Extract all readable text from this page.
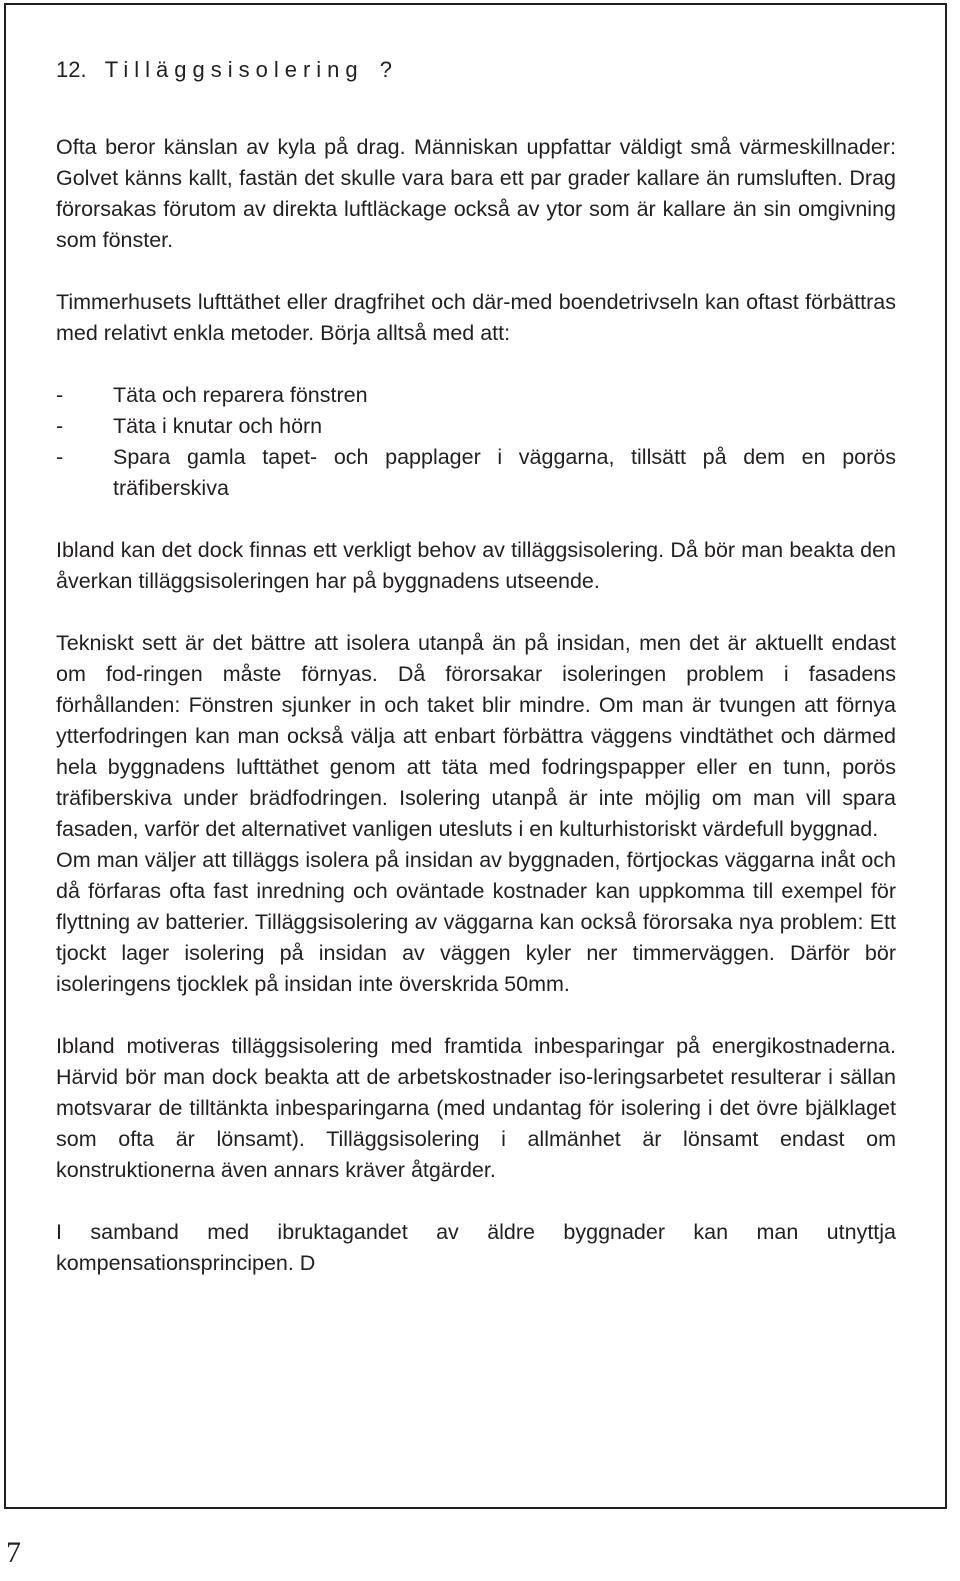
12. Tilläggsisolering ?

Ofta beror känslan av kyla på drag. Människan uppfattar väldigt små värmeskillnader: Golvet känns kallt, fastän det skulle vara bara ett par grader kallare än rumsluften. Drag förorsakas förutom av direkta luftläckage också av ytor som är kallare än sin omgivning som fönster.

Timmerhusets lufttäthet eller dragfrihet och där-med boendetrivseln kan oftast förbättras med relativt enkla metoder. Börja alltså med att:

-	Täta och reparera fönstren
-	Täta i knutar och hörn
-	Spara gamla tapet- och papplager i väggarna, tillsätt på dem en porös träfiberskiva

Ibland kan det dock finnas ett verkligt behov av tilläggsisolering. Då bör man beakta den åverkan tilläggsisoleringen har på byggnadens utseende.

Tekniskt sett är det bättre att isolera utanpå än på insidan, men det är aktuellt endast om fod-ringen måste förnyas. Då förorsakar isoleringen problem i fasadens förhållanden: Fönstren sjunker in och taket blir mindre. Om man är tvungen att förnya ytterfodringen kan man också välja att enbart förbättra väggens vindtäthet och därmed hela byggnadens lufttäthet genom att täta med fodringspapper eller en tunn, porös träfiberskiva under brädfodringen. Isolering utanpå är inte möjlig om man vill spara fasaden, varför det alternativet vanligen utesluts i en kulturhistoriskt värdefull byggnad.

Om man väljer att tilläggs isolera på insidan av byggnaden, förtjockas väggarna inåt och då förfaras ofta fast inredning och oväntade kostnader kan uppkomma till exempel för flyttning av batterier. Tilläggsisolering av väggarna kan också förorsaka nya problem: Ett tjockt lager isolering på insidan av väggen kyler ner timmerväggen. Därför bör isoleringens tjocklek på insidan inte överskrida 50mm.

Ibland motiveras tilläggsisolering med framtida inbesparingar på energikostnaderna. Härvid bör man dock beakta att de arbetskostnader iso-leringsarbetet resulterar i sällan motsvarar de tilltänkta inbesparingarna (med undantag för isolering i det övre bjälklaget som ofta är lönsamt). Tilläggsisolering i allmänhet är lönsamt endast om konstruktionerna även annars kräver åtgärder.

I samband med ibruktagandet av äldre byggnader kan man utnyttja kompensationsprincipen. D

7
